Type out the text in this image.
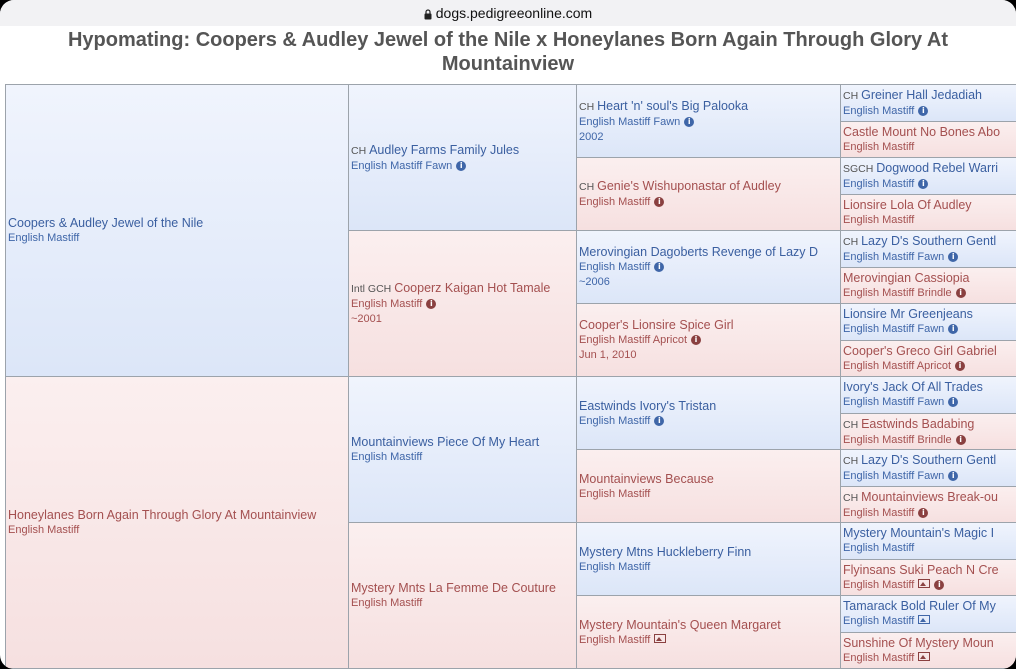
dogs.pedigreeonline.com
Hypomating: Coopers & Audley Jewel of the Nile x Honeylanes Born Again Through Glory At Mountainview
Coopers & Audley Jewel of the Nile
English Mastiff
Honeylanes Born Again Through Glory At Mountainview
English Mastiff
CH Audley Farms Family Jules
English Mastiff Fawn i
Intl GCH Cooperz Kaigan Hot Tamale
English Mastiff i
~2001
Mountainviews Piece Of My Heart
English Mastiff
Mystery Mnts La Femme De Couture
English Mastiff
CH Heart 'n' soul's Big Palooka
English Mastiff Fawn i
2002
CH Genie's Wishuponastar of Audley
English Mastiff i
Merovingian Dagoberts Revenge of Lazy D
English Mastiff i
~2006
Cooper's Lionsire Spice Girl
English Mastiff Apricot i
Jun 1, 2010
Eastwinds Ivory's Tristan
English Mastiff i
Mountainviews Because
English Mastiff
Mystery Mtns Huckleberry Finn
English Mastiff
Mystery Mountain's Queen Margaret
English Mastiff
CH Greiner Hall Jedadiah
English Mastiff i
Castle Mount No Bones Abo
English Mastiff
SGCH Dogwood Rebel Warri
English Mastiff i
Lionsire Lola Of Audley
English Mastiff
CH Lazy D's Southern Gentl
English Mastiff Fawn i
Merovingian Cassiopia
English Mastiff Brindle i
Lionsire Mr Greenjeans
English Mastiff Fawn i
Cooper's Greco Girl Gabriel
English Mastiff Apricot i
Ivory's Jack Of All Trades
English Mastiff Fawn i
CH Eastwinds Badabing
English Mastiff Brindle i
CH Lazy D's Southern Gentl
English Mastiff Fawn i
CH Mountainviews Break-ou
English Mastiff i
Mystery Mountain's Magic I
English Mastiff
Flyinsans Suki Peach N Cre
English Mastiff	i
Tamarack Bold Ruler Of My
English Mastiff
Sunshine Of Mystery Moun
English Mastiff
